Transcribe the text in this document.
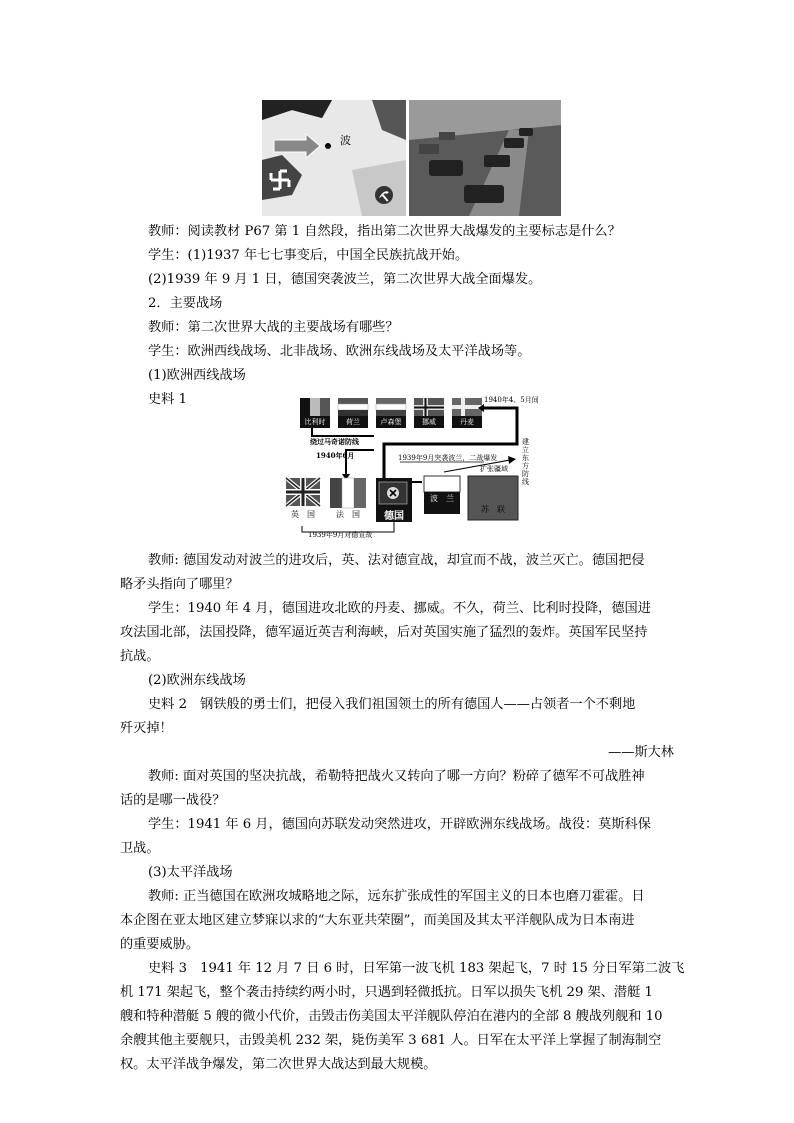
波
教师：阅读教材 P67 第 1 自然段，指出第二次世界大战爆发的主要标志是什么？
学生：(1)1937 年七七事变后，中国全民族抗战开始。
(2)1939 年 9 月 1 日，德国突袭波兰，第二次世界大战全面爆发。
2．主要战场
教师：第二次世界大战的主要战场有哪些？
学生：欧洲西线战场、北非战场、欧洲东线战场及太平洋战场等。
(1)欧洲西线战场
史料 1	1940年4、5月间
比利时	荷兰	卢森堡	挪威	丹麦
绕过马奇诺防线
1940年6月	1939年9月突袭波兰，二战爆发
扩张疆域
建立东方防线
英　国	法　国	德国
波　兰
苏　联
1939年9月对德宣战
教师: 德国发动对波兰的进攻后，英、法对德宣战，却宣而不战，波兰灭亡。德国把侵
略矛头指向了哪里？
学生：1940 年 4 月，德国进攻北欧的丹麦、挪威。不久，荷兰、比利时投降，德国进
攻法国北部，法国投降，德军逼近英吉利海峡，后对英国实施了猛烈的轰炸。英国军民坚持
抗战。
(2)欧洲东线战场
史料 2　钢铁般的勇士们，把侵入我们祖国领土的所有德国人——占领者一个不剩地
歼灭掉！
——斯大林
教师: 面对英国的坚决抗战，希勒特把战火又转向了哪一方向？粉碎了德军不可战胜神
话的是哪一战役？
学生：1941 年 6 月，德国向苏联发动突然进攻，开辟欧洲东线战场。战役：莫斯科保
卫战。
(3)太平洋战场
教师: 正当德国在欧洲攻城略地之际，远东扩张成性的军国主义的日本也磨刀霍霍。日
本企图在亚太地区建立梦寐以求的“大东亚共荣圈”，而美国及其太平洋舰队成为日本南进
的重要威胁。
史料 3　1941 年 12 月 7 日 6 时，日军第一波飞机 183 架起飞，7 时 15 分日军第二波飞
机 171 架起飞，整个袭击持续约两小时，只遇到轻微抵抗。日军以损失飞机 29 架、潜艇 1
艘和特种潜艇 5 艘的微小代价，击毁击伤美国太平洋舰队停泊在港内的全部 8 艘战列舰和 10
余艘其他主要舰只，击毁美机 232 架，毙伤美军 3 681 人。日军在太平洋上掌握了制海制空
权。太平洋战争爆发，第二次世界大战达到最大规模。
